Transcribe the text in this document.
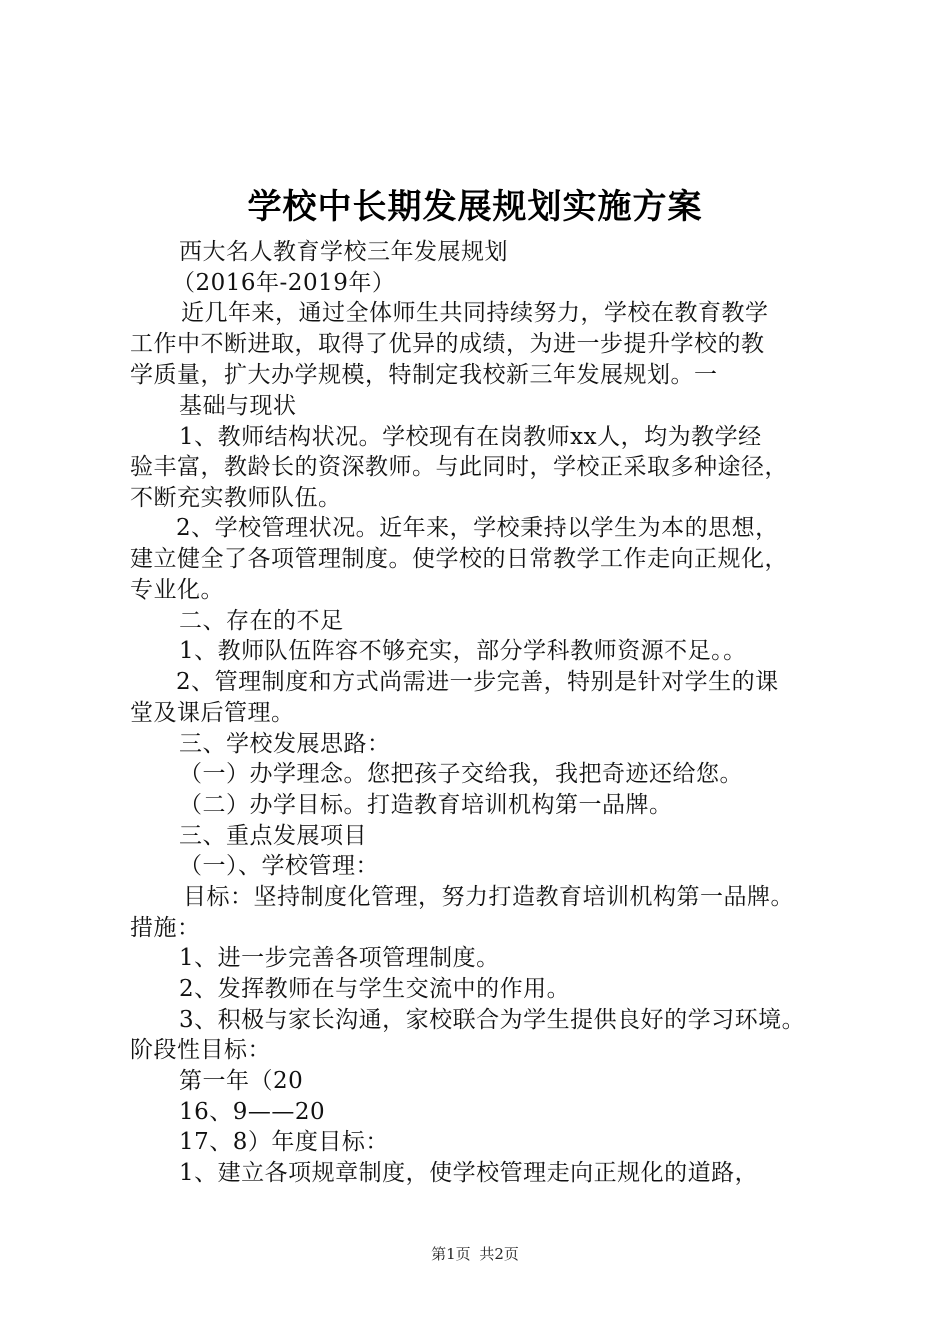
学校中长期发展规划实施方案
西大名人教育学校三年发展规划
（2016年-2019年）
近几年来，通过全体师生共同持续努力，学校在教育教学
工作中不断进取，取得了优异的成绩，为进一步提升学校的教
学质量，扩大办学规模，特制定我校新三年发展规划。一
基础与现状
1、教师结构状况。学校现有在岗教师xx人，均为教学经
验丰富，教龄长的资深教师。与此同时，学校正采取多种途径，
不断充实教师队伍。
2、学校管理状况。近年来，学校秉持以学生为本的思想，
建立健全了各项管理制度。使学校的日常教学工作走向正规化，
专业化。
二、存在的不足
1、教师队伍阵容不够充实，部分学科教师资源不足。。
2、管理制度和方式尚需进一步完善，特别是针对学生的课
堂及课后管理。
三、学校发展思路：
（一）办学理念。您把孩子交给我，我把奇迹还给您。
（二）办学目标。打造教育培训机构第一品牌。
三、重点发展项目
（一）、学校管理：
目标：坚持制度化管理，努力打造教育培训机构第一品牌。
措施：
1、进一步完善各项管理制度。
2、发挥教师在与学生交流中的作用。
3、积极与家长沟通，家校联合为学生提供良好的学习环境。
阶段性目标：
第一年（20
16、9——20
17、8）年度目标：
1、建立各项规章制度，使学校管理走向正规化的道路，
第1页 共2页
